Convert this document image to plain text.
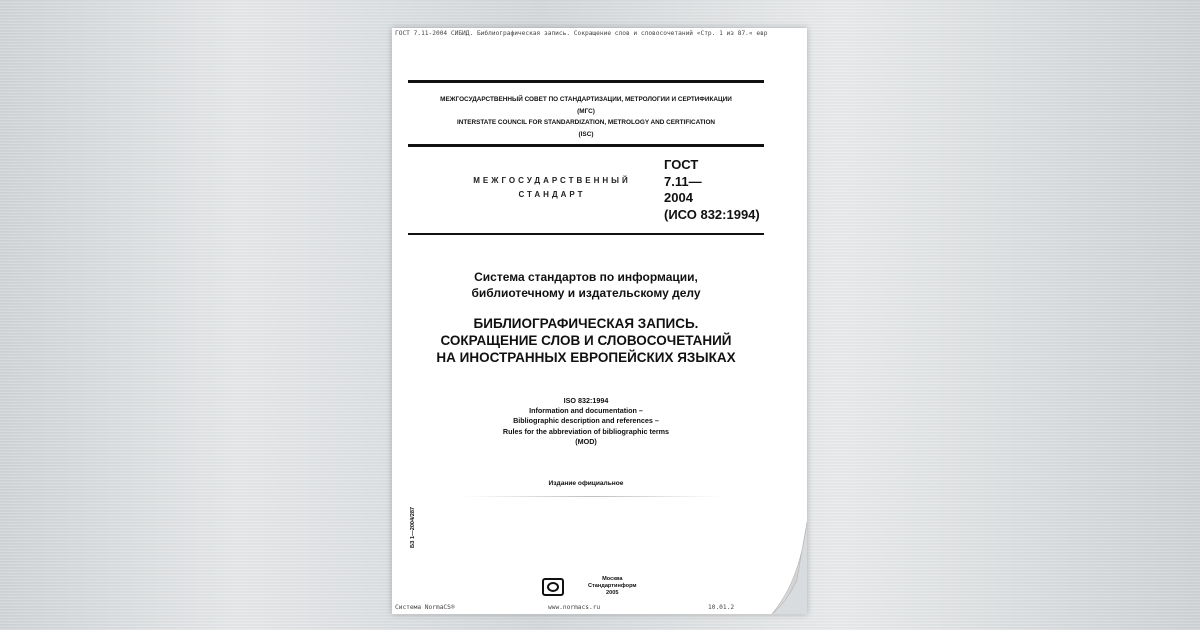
ГОСТ 7.11-2004 СИБИД. Библиографическая запись. Сокращение слов и словосочетаний «Стр. 1 из 87.« евр
МЕЖГОСУДАРСТВЕННЫЙ СОВЕТ ПО СТАНДАРТИЗАЦИИ, МЕТРОЛОГИИ И СЕРТИФИКАЦИИ
(МГС)
INTERSTATE COUNCIL FOR STANDARDIZATION, METROLOGY AND CERTIFICATION
(ISC)
МЕЖГОСУДАРСТВЕННЫЙ
СТАНДАРТ
ГОСТ
7.11—
2004
(ИСО 832:1994)
Система стандартов по информации,
библиотечному и издательскому делу
БИБЛИОГРАФИЧЕСКАЯ ЗАПИСЬ.
СОКРАЩЕНИЕ СЛОВ И СЛОВОСОЧЕТАНИЙ
НА ИНОСТРАННЫХ ЕВРОПЕЙСКИХ ЯЗЫКАХ
ISO 832:1994
Information and documentation –
Bibliographic description and references –
Rules for the abbreviation of bibliographic terms
(MOD)
Издание официальное
БЗ 1—2004/287
Москва
Стандартинформ
2005
Система NormaCS®	www.normacs.ru	10.01.2
